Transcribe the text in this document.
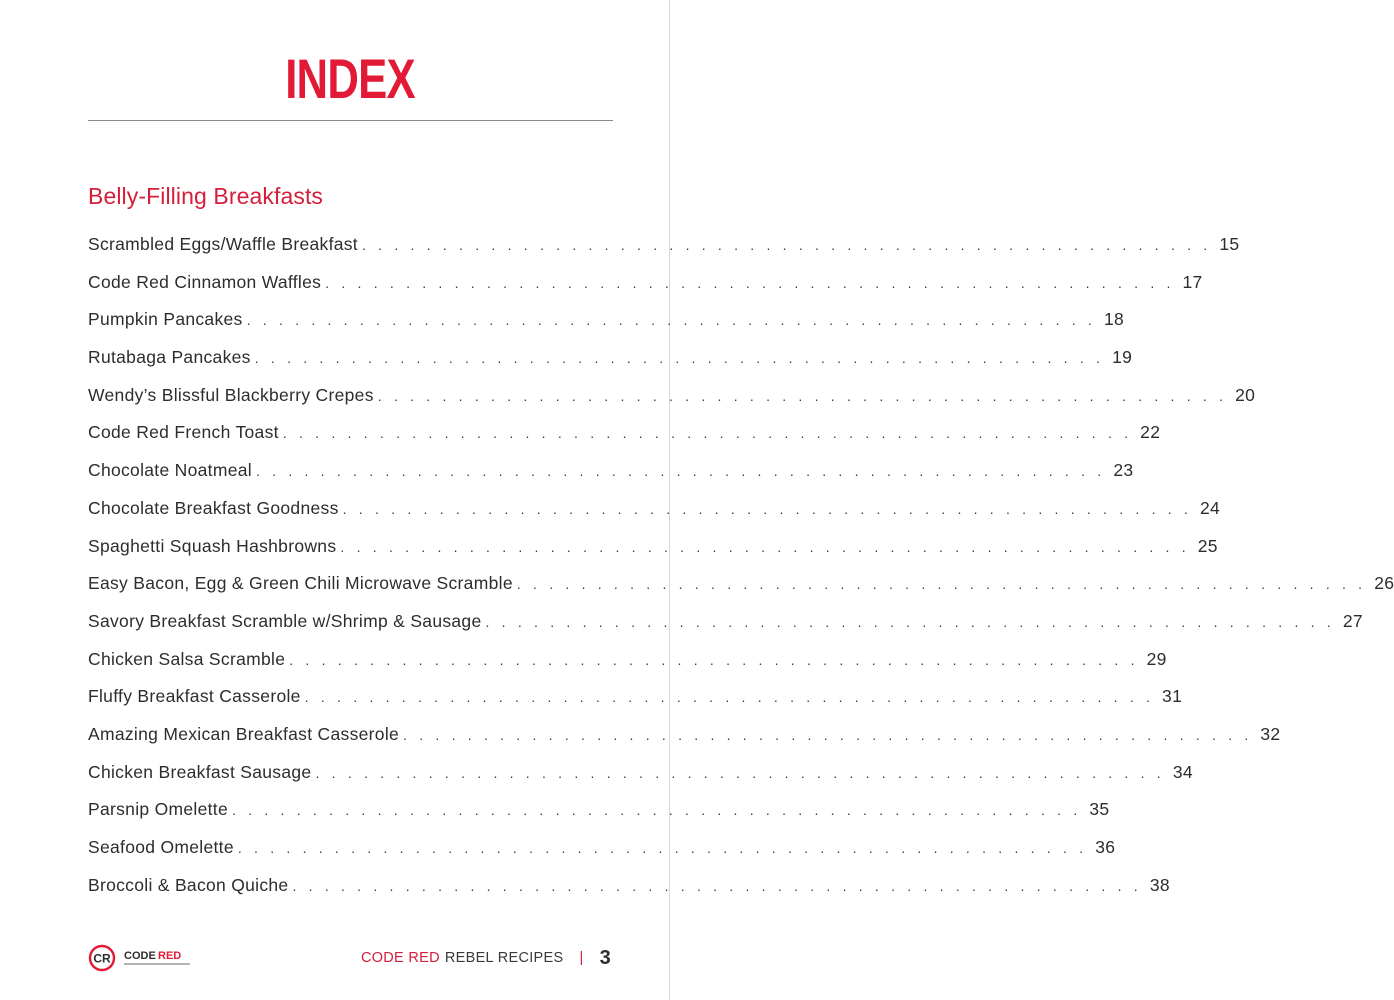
INDEX
Belly-Filling Breakfasts
Scrambled Eggs/Waffle Breakfast . . . . . . . . . . . . . . . . . . . . . . . . . . . . . . . . . . . . . . . . . . . . . . . . . . . . . 15
Code Red Cinnamon Waffles . . . . . . . . . . . . . . . . . . . . . . . . . . . . . . . . . . . . . . . . . . . . . . . . . . . . . 17
Pumpkin Pancakes . . . . . . . . . . . . . . . . . . . . . . . . . . . . . . . . . . . . . . . . . . . . . . . . . . . . . 18
Rutabaga Pancakes . . . . . . . . . . . . . . . . . . . . . . . . . . . . . . . . . . . . . . . . . . . . . . . . . . . . . 19
Wendy’s Blissful Blackberry Crepes . . . . . . . . . . . . . . . . . . . . . . . . . . . . . . . . . . . . . . . . . . . . . . . . . . . . . 20
Code Red French Toast . . . . . . . . . . . . . . . . . . . . . . . . . . . . . . . . . . . . . . . . . . . . . . . . . . . . . 22
Chocolate Noatmeal . . . . . . . . . . . . . . . . . . . . . . . . . . . . . . . . . . . . . . . . . . . . . . . . . . . . . 23
Chocolate Breakfast Goodness . . . . . . . . . . . . . . . . . . . . . . . . . . . . . . . . . . . . . . . . . . . . . . . . . . . . . 24
Spaghetti Squash Hashbrowns . . . . . . . . . . . . . . . . . . . . . . . . . . . . . . . . . . . . . . . . . . . . . . . . . . . . . 25
Easy Bacon, Egg & Green Chili Microwave Scramble . . . . . . . . . . . . . . . . . . . . . . . . . . . . . . . . . . . . . . . . . . . . . . . . . . . . . 26
Savory Breakfast Scramble w/Shrimp & Sausage . . . . . . . . . . . . . . . . . . . . . . . . . . . . . . . . . . . . . . . . . . . . . . . . . . . . . 27
Chicken Salsa Scramble . . . . . . . . . . . . . . . . . . . . . . . . . . . . . . . . . . . . . . . . . . . . . . . . . . . . . 29
Fluffy Breakfast Casserole . . . . . . . . . . . . . . . . . . . . . . . . . . . . . . . . . . . . . . . . . . . . . . . . . . . . . 31
Amazing Mexican Breakfast Casserole . . . . . . . . . . . . . . . . . . . . . . . . . . . . . . . . . . . . . . . . . . . . . . . . . . . . . 32
Chicken Breakfast Sausage . . . . . . . . . . . . . . . . . . . . . . . . . . . . . . . . . . . . . . . . . . . . . . . . . . . . . 34
Parsnip Omelette . . . . . . . . . . . . . . . . . . . . . . . . . . . . . . . . . . . . . . . . . . . . . . . . . . . . . 35
Seafood Omelette . . . . . . . . . . . . . . . . . . . . . . . . . . . . . . . . . . . . . . . . . . . . . . . . . . . . . 36
Broccoli & Bacon Quiche . . . . . . . . . . . . . . . . . . . . . . . . . . . . . . . . . . . . . . . . . . . . . . . . . . . . . 38
CR CODE RED	CODE RED REBEL RECIPES | 3
